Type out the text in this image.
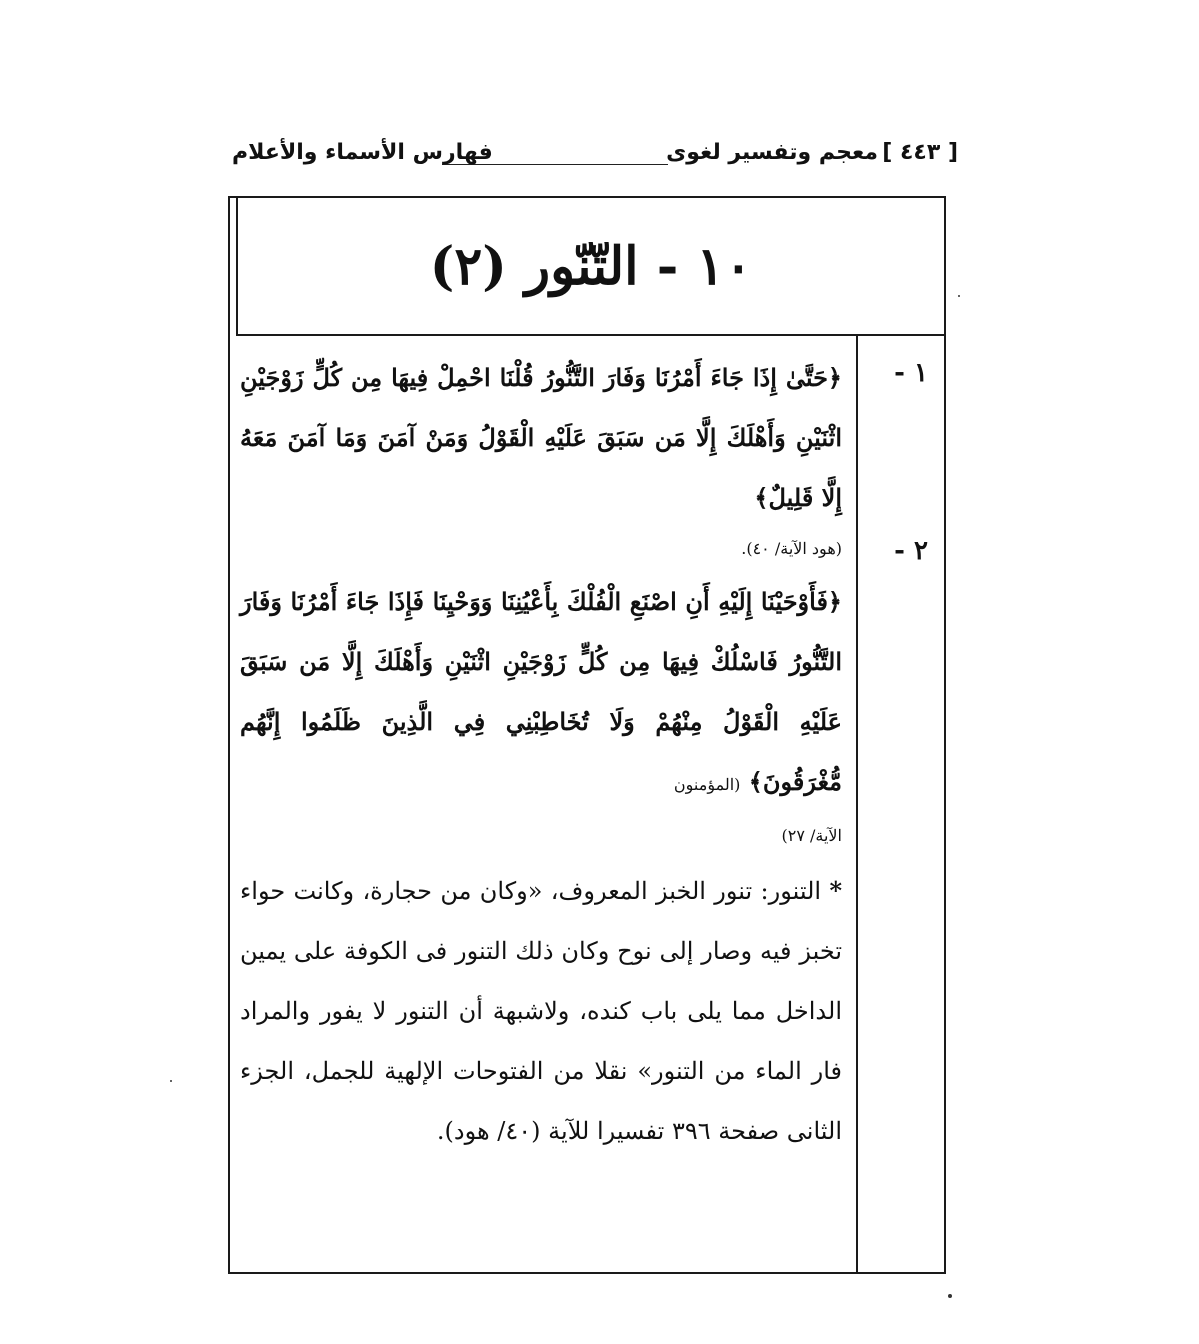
[ ٤٤٣ ]
معجم وتفسير لغوى
فهارس الأسماء والأعلام
١٠ - التّنّور (٢)
١ -
٢ -

﴿حَتَّىٰ إِذَا جَاءَ أَمْرُنَا وَفَارَ التَّنُّورُ قُلْنَا احْمِلْ فِيهَا مِن كُلٍّ زَوْجَيْنِ اثْنَيْنِ وَأَهْلَكَ إِلَّا مَن سَبَقَ عَلَيْهِ الْقَوْلُ وَمَنْ آمَنَ وَمَا آمَنَ مَعَهُ إِلَّا قَلِيلٌ﴾

(هود الآية/ ٤٠).

﴿فَأَوْحَيْنَا إِلَيْهِ أَنِ اصْنَعِ الْفُلْكَ بِأَعْيُنِنَا وَوَحْيِنَا فَإِذَا جَاءَ أَمْرُنَا وَفَارَ التَّنُّورُ فَاسْلُكْ فِيهَا مِن كُلٍّ زَوْجَيْنِ اثْنَيْنِ وَأَهْلَكَ إِلَّا مَن سَبَقَ عَلَيْهِ الْقَوْلُ مِنْهُمْ وَلَا تُخَاطِبْنِي فِي الَّذِينَ ظَلَمُوا إِنَّهُم مُّغْرَقُونَ﴾ (المؤمنون

الآية/ ٢٧)

* التنور: تنور الخبز المعروف، «وكان من حجارة، وكانت حواء تخبز فيه وصار إلى نوح وكان ذلك التنور فى الكوفة على يمين الداخل مما يلى باب كنده، ولاشبهة أن التنور لا يفور والمراد فار الماء من التنور» نقلا من الفتوحات الإلهية للجمل، الجزء الثانى صفحة ٣٩٦ تفسيرا للآية (٤٠/ هود).
